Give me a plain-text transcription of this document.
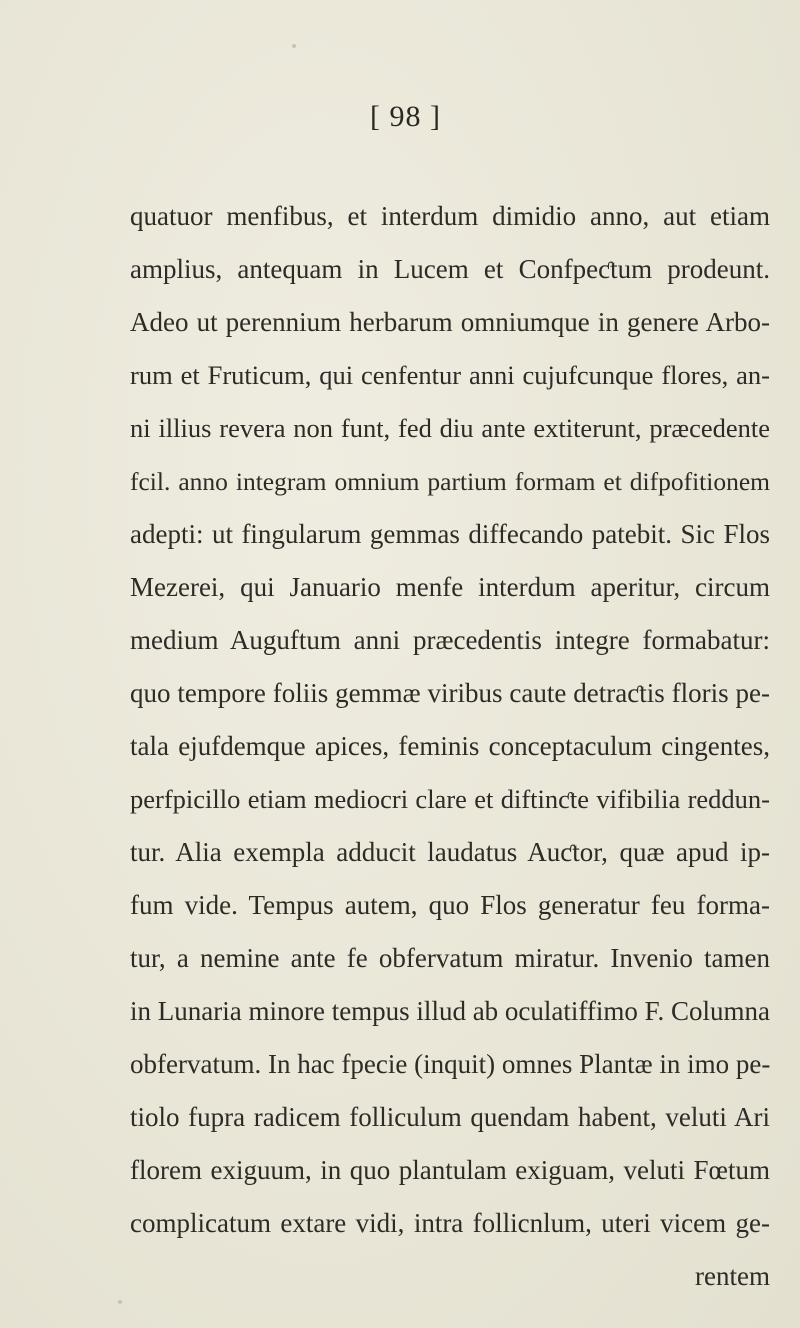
[ 98 ]
quatuor menfibus, et interdum dimidio anno, aut etiam
amplius, antequam in Lucem et Confpeƈtum prodeunt.
Adeo ut perennium herbarum omniumque in genere Arbo-
rum et Fruticum, qui cenfentur anni cujufcunque flores, an-
ni illius revera non funt, fed diu ante extiterunt, præcedente
fcil. anno integram omnium partium formam et difpofitionem
adepti: ut fingularum gemmas diffecando patebit. Sic Flos
Mezerei, qui Januario menfe interdum aperitur, circum
medium Auguftum anni præcedentis integre formabatur:
quo tempore foliis gemmæ viribus caute detraƈtis floris pe-
tala ejufdemque apices, feminis conceptaculum cingentes,
perfpicillo etiam mediocri clare et diftinƈte vifibilia reddun-
tur. Alia exempla adducit laudatus Auƈtor, quæ apud ip-
fum vide. Tempus autem, quo Flos generatur feu forma-
tur, a nemine ante fe obfervatum miratur. Invenio tamen
in Lunaria minore tempus illud ab oculatiffimo F. Columna
obfervatum. In hac fpecie (inquit) omnes Plantæ in imo pe-
tiolo fupra radicem folliculum quendam habent, veluti Ari
florem exiguum, in quo plantulam exiguam, veluti Fœtum
complicatum extare vidi, intra follicnlum, uteri vicem ge-
rentem
